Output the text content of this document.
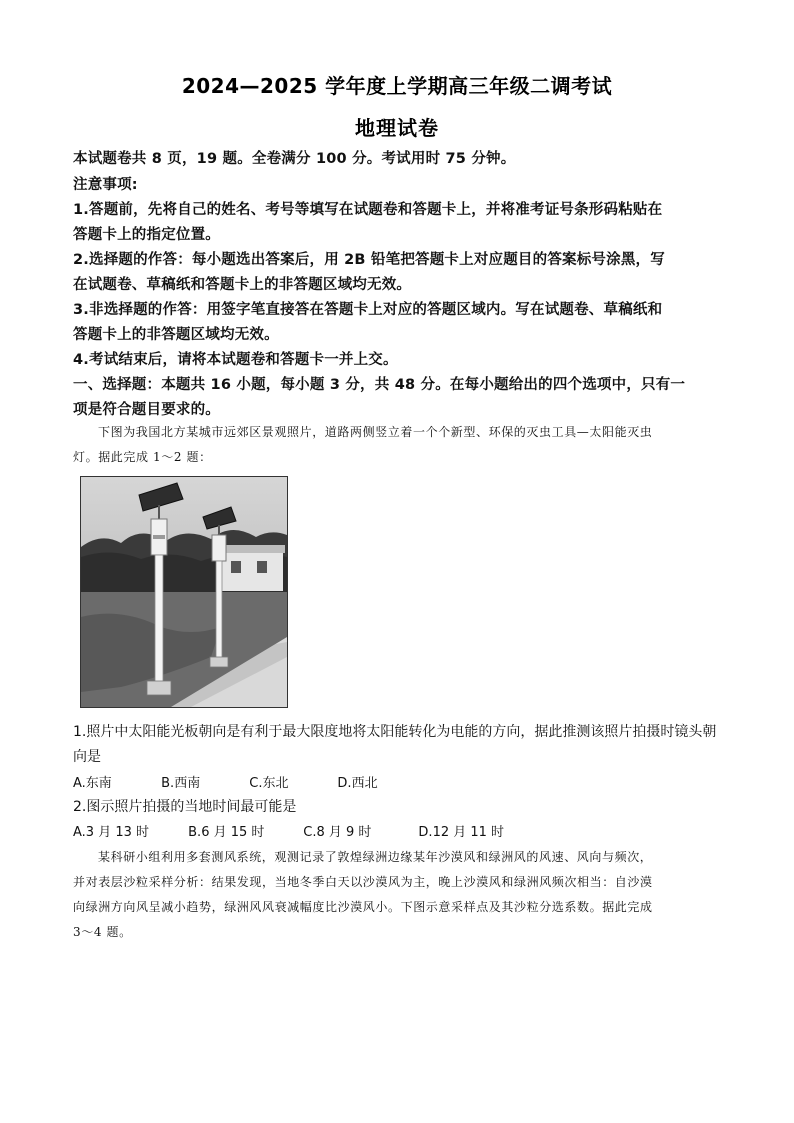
2024—2025 学年度上学期高三年级二调考试
地理试卷
本试题卷共 8 页，19 题。全卷满分 100 分。考试用时 75 分钟。
注意事项:
1.答题前，先将自己的姓名、考号等填写在试题卷和答题卡上，并将准考证号条形码粘贴在
答题卡上的指定位置。
2.选择题的作答：每小题选出答案后，用 2B 铅笔把答题卡上对应题目的答案标号涂黑，写
在试题卷、草稿纸和答题卡上的非答题区域均无效。
3.非选择题的作答：用签字笔直接答在答题卡上对应的答题区域内。写在试题卷、草稿纸和
答题卡上的非答题区域均无效。
4.考试结束后，请将本试题卷和答题卡一并上交。
一、选择题：本题共 16 小题，每小题 3 分，共 48 分。在每小题给出的四个选项中，只有一
项是符合题目要求的。
下图为我国北方某城市远郊区景观照片，道路两侧竖立着一个个新型、环保的灭虫工具—太阳能灭虫
灯。据此完成 1～2 题：
1.照片中太阳能光板朝向是有利于最大限度地将太阳能转化为电能的方向，据此推测该照片拍摄时镜头朝
向是
A.东南	B.西南	C.东北	D.西北
2.图示照片拍摄的当地时间最可能是
A.3 月 13 时	B.6 月 15 时	C.8 月 9 时	D.12 月 11 时
某科研小组利用多套测风系统，观测记录了敦煌绿洲边缘某年沙漠风和绿洲风的风速、风向与频次，
并对表层沙粒采样分析：结果发现，当地冬季白天以沙漠风为主，晚上沙漠风和绿洲风频次相当：自沙漠
向绿洲方向风呈减小趋势，绿洲风风衰减幅度比沙漠风小。下图示意采样点及其沙粒分选系数。据此完成
3～4 题。
